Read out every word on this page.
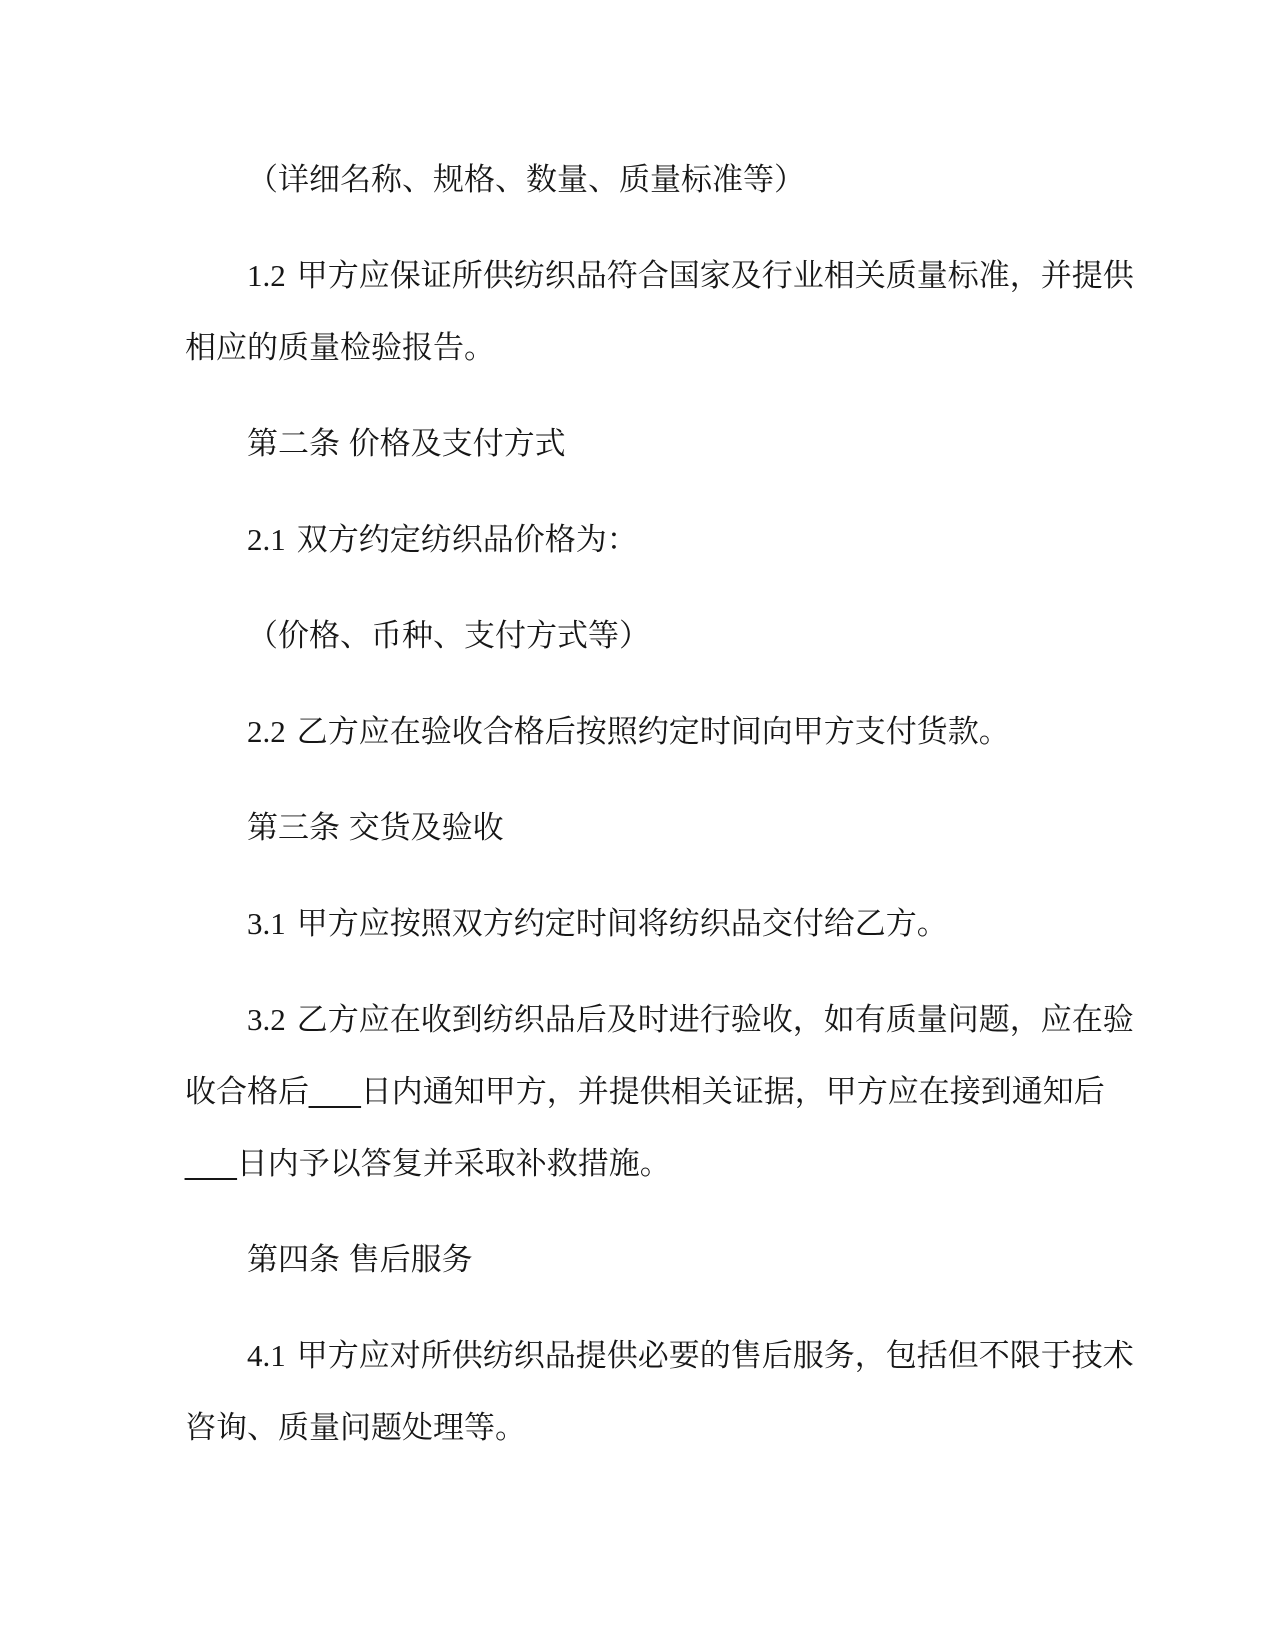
（详细名称、规格、数量、质量标准等）
1.2 甲方应保证所供纺织品符合国家及行业相关质量标准，并提供
相应的质量检验报告。
第二条 价格及支付方式
2.1 双方约定纺织品价格为：
（价格、币种、支付方式等）
2.2 乙方应在验收合格后按照约定时间向甲方支付货款。
第三条 交货及验收
3.1 甲方应按照双方约定时间将纺织品交付给乙方。
3.2 乙方应在收到纺织品后及时进行验收，如有质量问题，应在验
收合格后___日内通知甲方，并提供相关证据，甲方应在接到通知后
___日内予以答复并采取补救措施。
第四条 售后服务
4.1 甲方应对所供纺织品提供必要的售后服务，包括但不限于技术
咨询、质量问题处理等。
